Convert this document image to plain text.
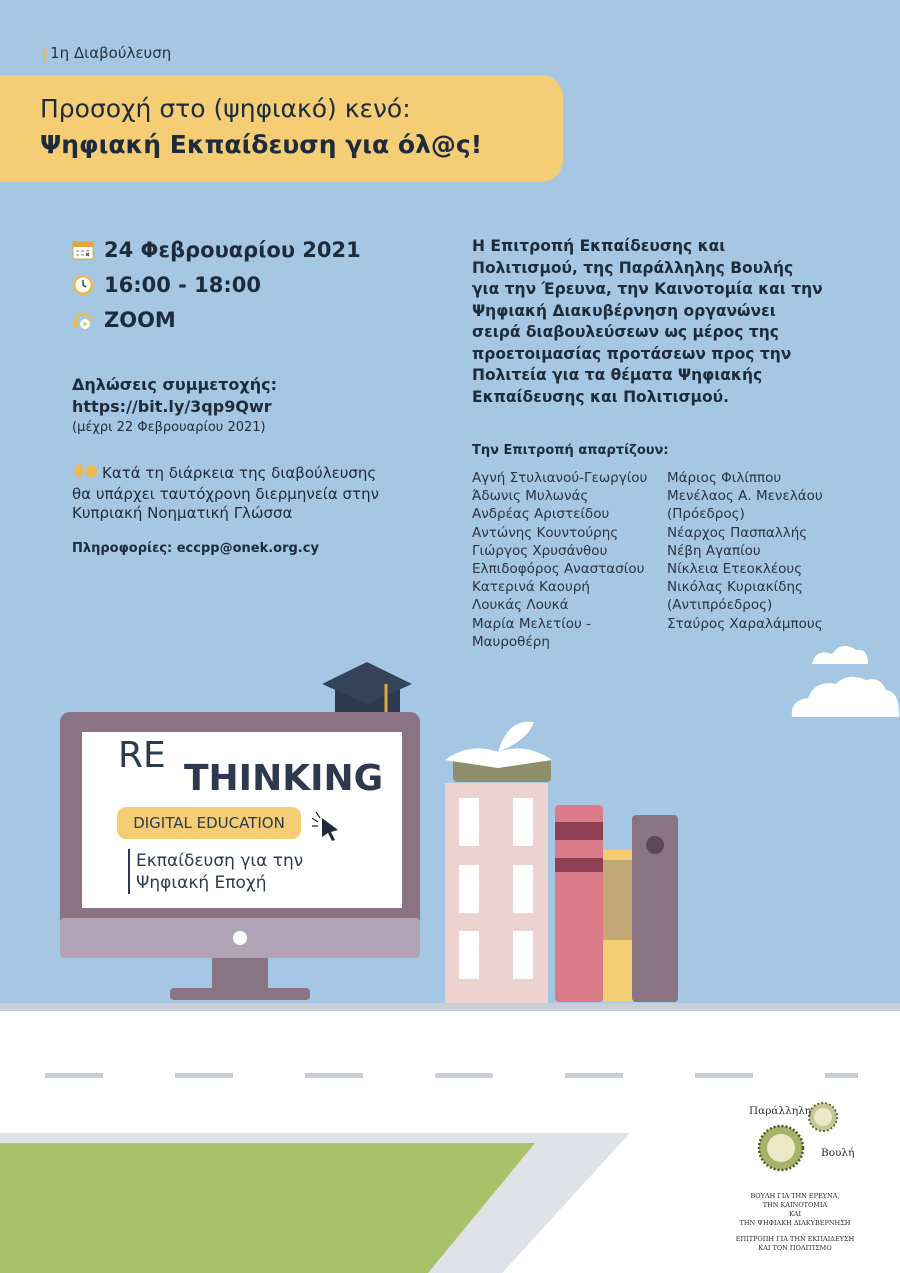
| 1η Διαβούλευση
Προσοχή στο (ψηφιακό) κενό:
Ψηφιακή Εκπαίδευση για όλ@ς!
24 Φεβρουαρίου 2021
16:00 - 18:00
ZOOM
Δηλώσεις συμμετοχής:
https://bit.ly/3qp9Qwr
(μέχρι 22 Φεβρουαρίου 2021)
Κατά τη διάρκεια της διαβούλευσης
θα υπάρχει ταυτόχρονη διερμηνεία στην
Κυπριακή Νοηματική Γλώσσα
Πληροφορίες: eccpp@onek.org.cy
Η Επιτροπή Εκπαίδευσης και
Πολιτισμού, της Παράλληλης Βουλής
για την Έρευνα, την Καινοτομία και την
Ψηφιακή Διακυβέρνηση οργανώνει
σειρά διαβουλεύσεων ως μέρος της
προετοιμασίας προτάσεων προς την
Πολιτεία για τα θέματα Ψηφιακής
Εκπαίδευσης και Πολιτισμού.
Την Επιτροπή απαρτίζουν:
Αγνή Στυλιανού-Γεωργίου
Άδωνις Μυλωνάς
Ανδρέας Αριστείδου
Αντώνης Κουντούρης
Γιώργος Χρυσάνθου
Ελπιδοφόρος Αναστασίου
Κατερινά Καουρή
Λουκάς Λουκά
Μαρία Μελετίου -
Μαυροθέρη
Μάριος Φιλίππου
Μενέλαος Α. Μενελάου
(Πρόεδρος)
Νέαρχος Πασπαλλής
Νέβη Αγαπίου
Νίκλεια Ετεοκλέους
Νικόλας Κυριακίδης
(Αντιπρόεδρος)
Σταύρος Χαραλάμπους
RE
THINKING
DIGITAL EDUCATION
Εκπαίδευση για την
Ψηφιακή Εποχή
Παράλληλη
Βουλή
ΒΟΥΛΗ ΓΙΑ ΤΗΝ ΕΡΕΥΝΑ,
ΤΗΝ ΚΑΙΝΟΤΟΜΙΑ
ΚΑΙ
ΤΗΝ ΨΗΦΙΑΚΗ ΔΙΑΚΥΒΕΡΝΗΣΗ
ΕΠΙΤΡΟΠΗ ΓΙΑ ΤΗΝ ΕΚΠΑΙΔΕΥΣΗ
ΚΑΙ ΤΟΝ ΠΟΛΙΤΙΣΜΟ
